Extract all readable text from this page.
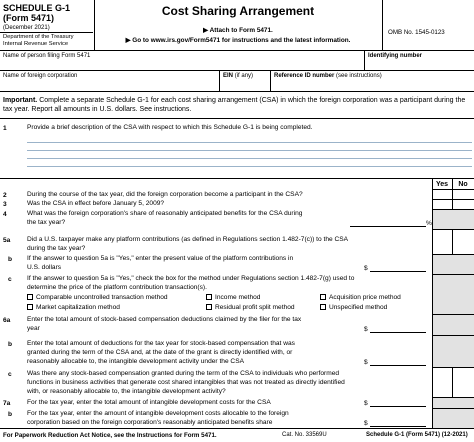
SCHEDULE G-1
(Form 5471)
(December 2021)
Department of the Treasury
Internal Revenue Service
Cost Sharing Arrangement
▶ Attach to Form 5471.
▶ Go to www.irs.gov/Form5471 for instructions and the latest information.
OMB No. 1545-0123
Name of person filing Form 5471	Identifying number
Name of foreign corporation	EIN (if any)	Reference ID number (see instructions)
Important. Complete a separate Schedule G-1 for each cost sharing arrangement (CSA) in which the foreign corporation was a participant during the tax year. Report all amounts in U.S. dollars. See instructions.
1	Provide a brief description of the CSA with respect to which this Schedule G-1 is being completed.
Yes	No
2	During the course of the tax year, did the foreign corporation become a participant in the CSA?
3	Was the CSA in effect before January 5, 2009?
4	What was the foreign corporation's share of reasonably anticipated benefits for the CSA during
the tax year?	%
5a	Did a U.S. taxpayer make any platform contributions (as defined in Regulations section 1.482-7(c)) to the CSA
during the tax year?
b If the answer to question 5a is "Yes," enter the present value of the platform contributions in
U.S. dollars	$
c If the answer to question 5a is "Yes," check the box for the method under Regulations section 1.482-7(g) used to
determine the price of the platform contribution transaction(s).
Comparable uncontrolled transaction method	Income method	Acquisition price method
Market capitalization method	Residual profit split method	Unspecified method
6a	Enter the total amount of stock-based compensation deductions claimed by the filer for the tax
year	$
b Enter the total amount of deductions for the tax year for stock-based compensation that was
granted during the term of the CSA and, at the date of the grant is directly identified with, or
reasonably allocable to, the intangible development activity under the CSA	$
c Was there any stock-based compensation granted during the term of the CSA to individuals who performed
functions in business activities that generate cost shared intangibles that was not treated as directly identified
with, or reasonably allocable to, the intangible development activity?
7a	For the tax year, enter the total amount of intangible development costs for the CSA	$
b For the tax year, enter the amount of intangible development costs allocable to the foreign
corporation based on the foreign corporation's reasonably anticipated benefits share	$
For Paperwork Reduction Act Notice, see the Instructions for Form 5471.	Cat. No. 33569U	Schedule G-1 (Form 5471) (12-2021)
